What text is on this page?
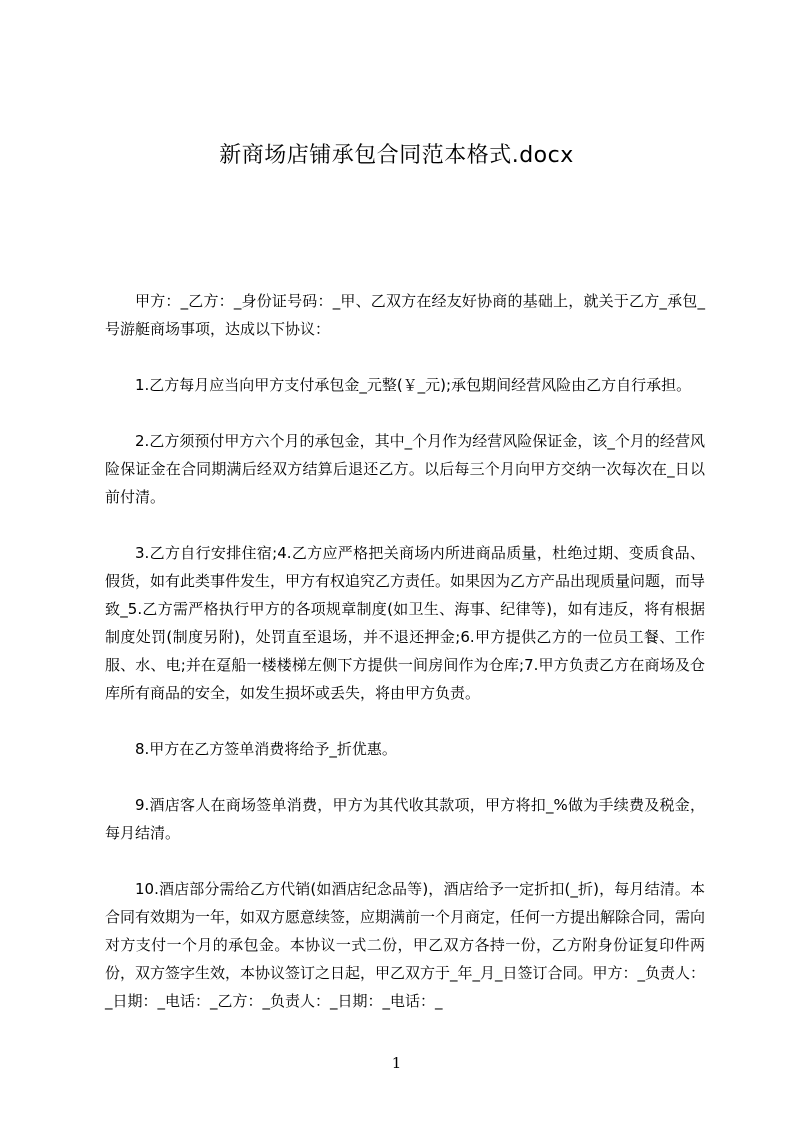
新商场店铺承包合同范本格式.docx

甲方：_乙方：_身份证号码：_甲、乙双方在经友好协商的基础上，就关于乙方_承包_号游艇商场事项，达成以下协议：

1.乙方每月应当向甲方支付承包金_元整(￥_元);承包期间经营风险由乙方自行承担。

2.乙方须预付甲方六个月的承包金，其中_个月作为经营风险保证金，该_个月的经营风险保证金在合同期满后经双方结算后退还乙方。以后每三个月向甲方交纳一次每次在_日以前付清。

3.乙方自行安排住宿;4.乙方应严格把关商场内所进商品质量，杜绝过期、变质食品、假货，如有此类事件发生，甲方有权追究乙方责任。如果因为乙方产品出现质量问题，而导致_5.乙方需严格执行甲方的各项规章制度(如卫生、海事、纪律等)，如有违反，将有根据制度处罚(制度另附)，处罚直至退场，并不退还押金;6.甲方提供乙方的一位员工餐、工作服、水、电;并在趸船一楼楼梯左侧下方提供一间房间作为仓库;7.甲方负责乙方在商场及仓库所有商品的安全，如发生损坏或丢失，将由甲方负责。

8.甲方在乙方签单消费将给予_折优惠。

9.酒店客人在商场签单消费，甲方为其代收其款项，甲方将扣_%做为手续费及税金，每月结清。

10.酒店部分需给乙方代销(如酒店纪念品等)，酒店给予一定折扣(_折)，每月结清。本合同有效期为一年，如双方愿意续签，应期满前一个月商定，任何一方提出解除合同，需向对方支付一个月的承包金。本协议一式二份，甲乙双方各持一份，乙方附身份证复印件两份，双方签字生效，本协议签订之日起，甲乙双方于_年_月_日签订合同。甲方：_负责人：_日期：_电话：_乙方：_负责人：_日期：_电话：_

1
